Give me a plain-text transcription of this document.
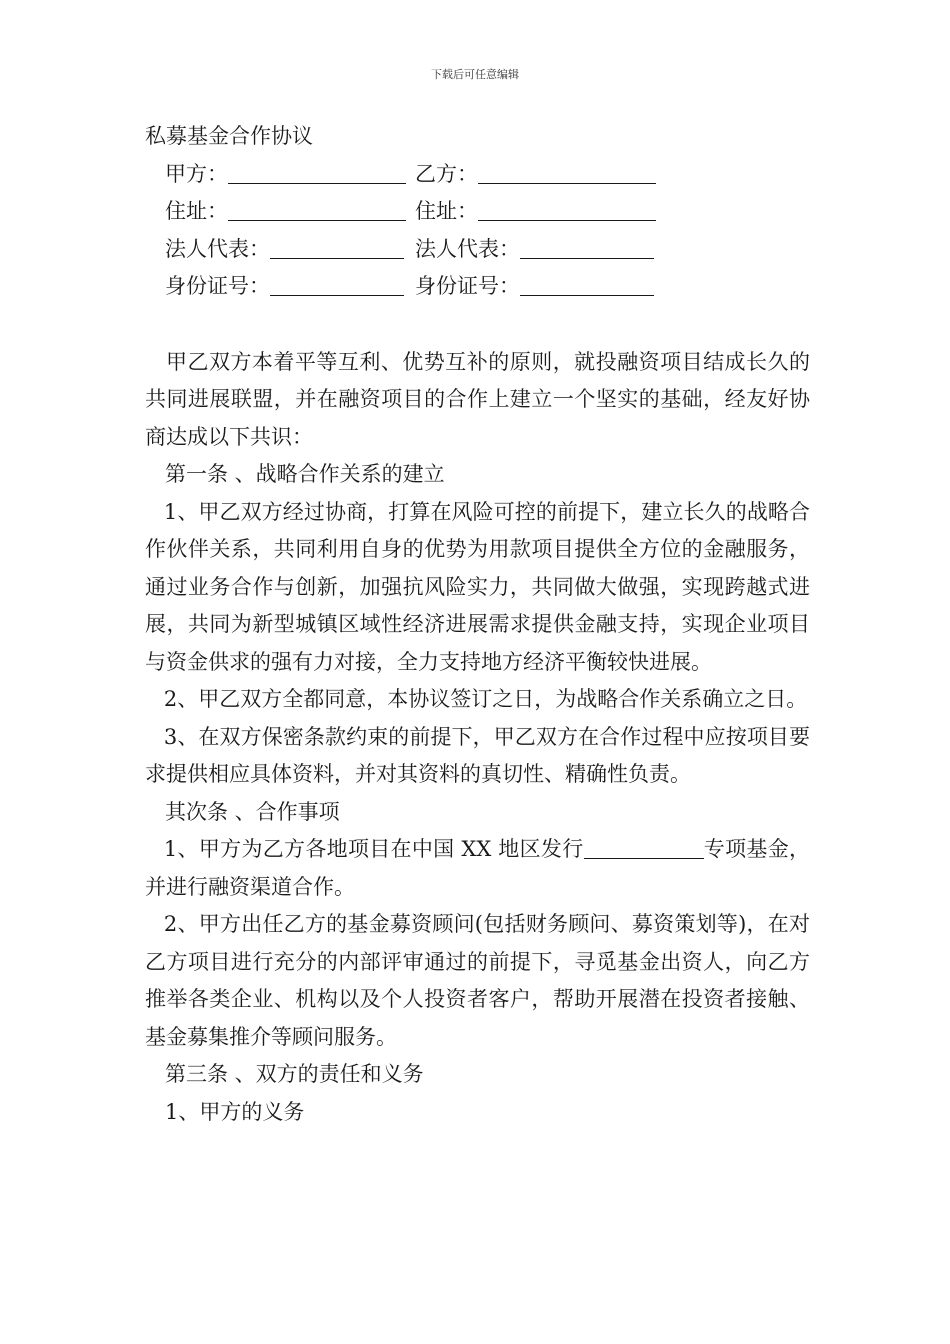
下载后可任意编辑
私募基金合作协议
甲方：	乙方：
住址：	住址：
法人代表：	法人代表：
身份证号：	身份证号：

甲乙双方本着平等互利、优势互补的原则，就投融资项目结成长久的共同进展联盟，并在融资项目的合作上建立一个坚实的基础，经友好协商达成以下共识：

第一条 、战略合作关系的建立

1、甲乙双方经过协商，打算在风险可控的前提下，建立长久的战略合作伙伴关系，共同利用自身的优势为用款项目提供全方位的金融服务，通过业务合作与创新，加强抗风险实力，共同做大做强，实现跨越式进展，共同为新型城镇区域性经济进展需求提供金融支持，实现企业项目与资金供求的强有力对接，全力支持地方经济平衡较快进展。

2、甲乙双方全都同意，本协议签订之日，为战略合作关系确立之日。

3、在双方保密条款约束的前提下，甲乙双方在合作过程中应按项目要求提供相应具体资料，并对其资料的真切性、精确性负责。

其次条 、合作事项

1、甲方为乙方各地项目在中国 XX 地区发行	专项基金，并进行融资渠道合作。

2、甲方出任乙方的基金募资顾问(包括财务顾问、募资策划等)，在对乙方项目进行充分的内部评审通过的前提下，寻觅基金出资人，向乙方推举各类企业、机构以及个人投资者客户，帮助开展潜在投资者接触、基金募集推介等顾问服务。

第三条 、双方的责任和义务

1、甲方的义务
